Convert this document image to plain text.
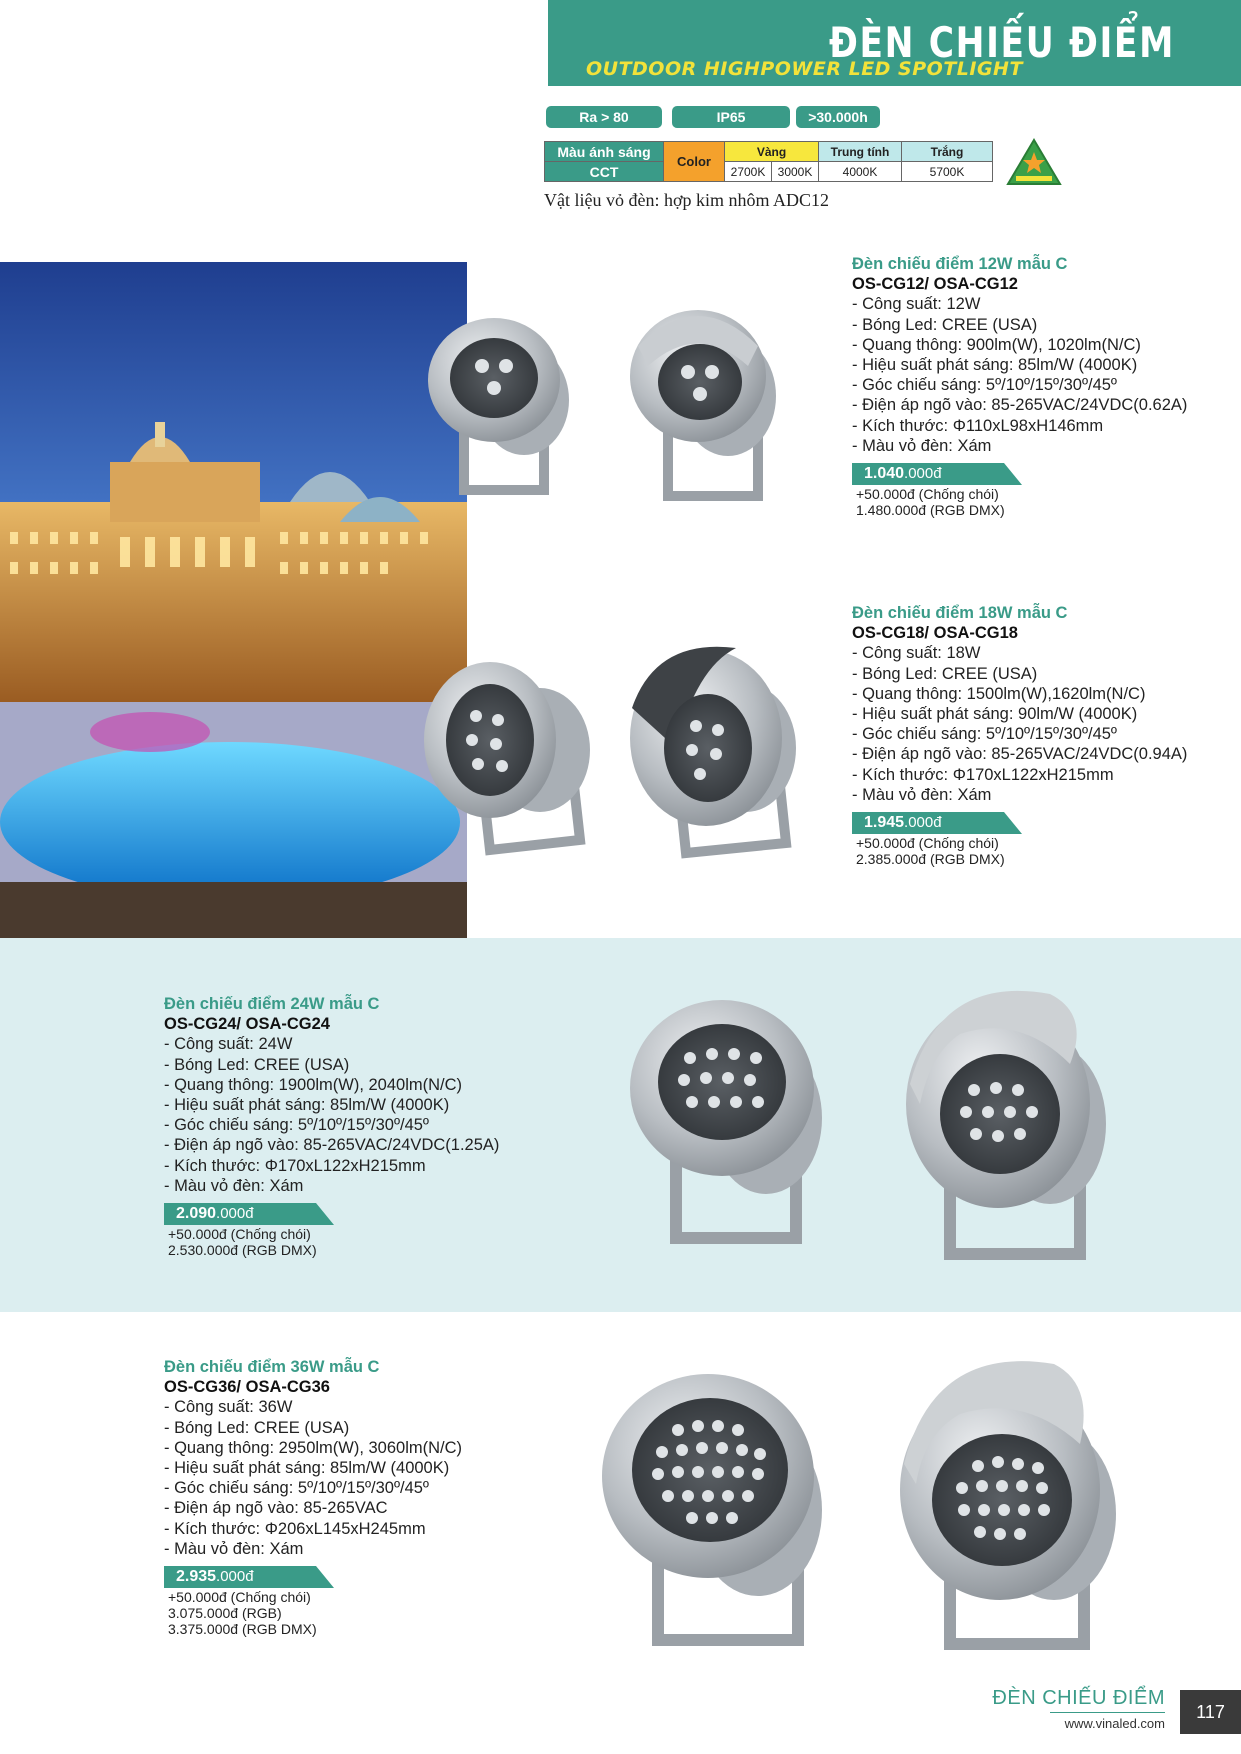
ĐÈN CHIẾU ĐIỂM
OUTDOOR HIGHPOWER LED SPOTLIGHT
Ra > 80	IP65	>30.000h
Màu ánh sáng	Color	Vàng		Trung tính	Trắng
CCT		2700K	3000K	4000K	5700K
Vật liệu vỏ đèn: hợp kim nhôm ADC12
Đèn chiếu điểm 12W mẫu C
OS-CG12/ OSA-CG12
- Công suất: 12W
- Bóng Led: CREE (USA)
- Quang thông: 900lm(W), 1020lm(N/C)
- Hiệu suất phát sáng: 85lm/W (4000K)
- Góc chiếu sáng: 5º/10º/15º/30º/45º
- Điện áp ngõ vào: 85-265VAC/24VDC(0.62A)
- Kích thước: Φ110xL98xH146mm
- Màu vỏ đèn: Xám
1.040.000đ
+50.000đ (Chống chói)
1.480.000đ (RGB DMX)
Đèn chiếu điểm 18W mẫu C
OS-CG18/ OSA-CG18
- Công suất: 18W
- Bóng Led: CREE (USA)
- Quang thông: 1500lm(W),1620lm(N/C)
- Hiệu suất phát sáng: 90lm/W (4000K)
- Góc chiếu sáng: 5º/10º/15º/30º/45º
- Điện áp ngõ vào: 85-265VAC/24VDC(0.94A)
- Kích thước: Φ170xL122xH215mm
- Màu vỏ đèn: Xám
1.945.000đ
+50.000đ (Chống chói)
2.385.000đ (RGB DMX)
Đèn chiếu điểm 24W mẫu C
OS-CG24/ OSA-CG24
- Công suất: 24W
- Bóng Led: CREE (USA)
- Quang thông: 1900lm(W), 2040lm(N/C)
- Hiệu suất phát sáng: 85lm/W (4000K)
- Góc chiếu sáng: 5º/10º/15º/30º/45º
- Điện áp ngõ vào: 85-265VAC/24VDC(1.25A)
- Kích thước: Φ170xL122xH215mm
- Màu vỏ đèn: Xám
2.090.000đ
+50.000đ (Chống chói)
2.530.000đ (RGB DMX)
Đèn chiếu điểm 36W mẫu C
OS-CG36/ OSA-CG36
- Công suất: 36W
- Bóng Led: CREE (USA)
- Quang thông: 2950lm(W), 3060lm(N/C)
- Hiệu suất phát sáng: 85lm/W (4000K)
- Góc chiếu sáng: 5º/10º/15º/30º/45º
- Điện áp ngõ vào: 85-265VAC
- Kích thước: Φ206xL145xH245mm
- Màu vỏ đèn: Xám
2.935.000đ
+50.000đ (Chống chói)
3.075.000đ (RGB)
3.375.000đ (RGB DMX)
ĐÈN CHIẾU ĐIỂM
www.vinaled.com
117
